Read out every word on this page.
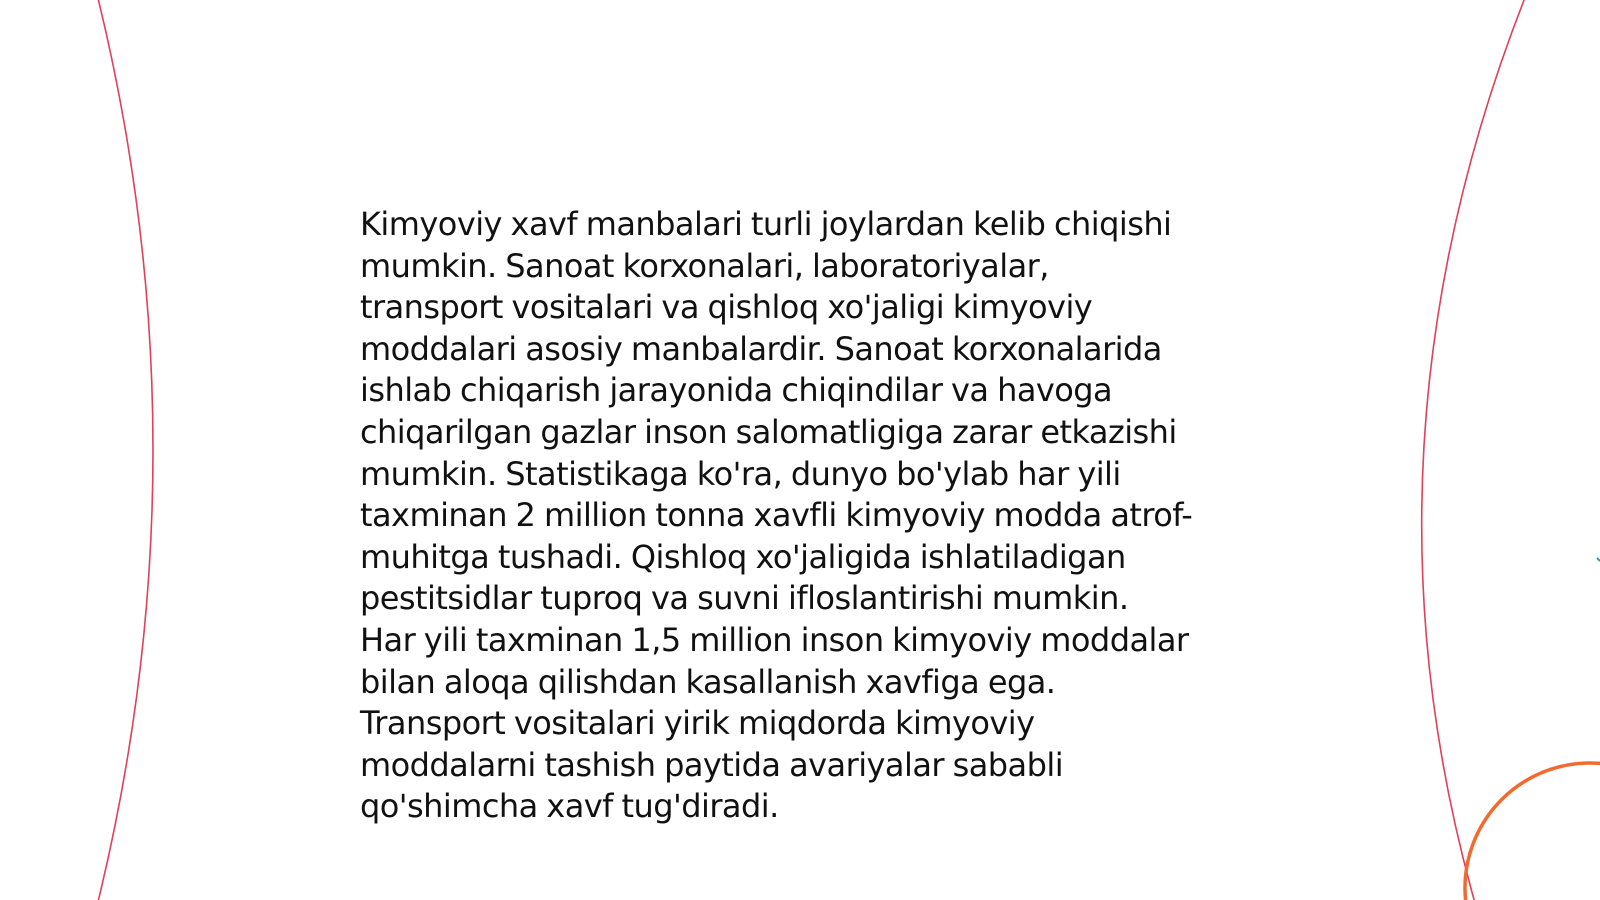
Kimyoviy xavf manbalari turli joylardan kelib chiqishi
mumkin. Sanoat korxonalari, laboratoriyalar,
transport vositalari va qishloq xo'jaligi kimyoviy
moddalari asosiy manbalardir. Sanoat korxonalarida
ishlab chiqarish jarayonida chiqindilar va havoga
chiqarilgan gazlar inson salomatligiga zarar etkazishi
mumkin. Statistikaga ko'ra, dunyo bo'ylab har yili
taxminan 2 million tonna xavfli kimyoviy modda atrof-
muhitga tushadi. Qishloq xo'jaligida ishlatiladigan
pestitsidlar tuproq va suvni ifloslantirishi mumkin.
Har yili taxminan 1,5 million inson kimyoviy moddalar
bilan aloqa qilishdan kasallanish xavfiga ega.
Transport vositalari yirik miqdorda kimyoviy
moddalarni tashish paytida avariyalar sababli
qo'shimcha xavf tug'diradi.
